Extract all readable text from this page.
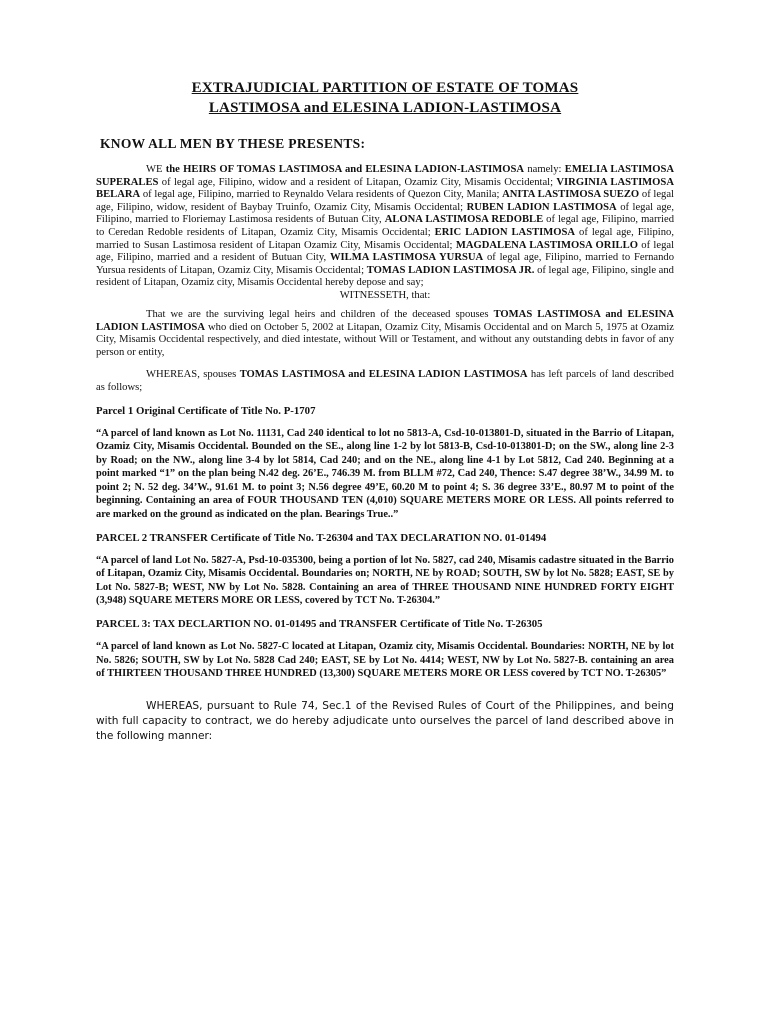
EXTRAJUDICIAL PARTITION OF ESTATE OF TOMAS
LASTIMOSA and ELESINA LADION-LASTIMOSA

KNOW ALL MEN BY THESE PRESENTS:

WE the HEIRS OF TOMAS LASTIMOSA and ELESINA LADION-LASTIMOSA namely: EMELIA LASTIMOSA SUPERALES of legal age, Filipino, widow and a resident of Litapan, Ozamiz City, Misamis Occidental; VIRGINIA LASTIMOSA BELARA of legal age, Filipino, married to Reynaldo Velara residents of Quezon City, Manila; ANITA LASTIMOSA SUEZO of legal age, Filipino, widow, resident of Baybay Truinfo, Ozamiz City, Misamis Occidental; RUBEN LADION LASTIMOSA of legal age, Filipino, married to Floriemay Lastimosa residents of Butuan City, ALONA LASTIMOSA REDOBLE of legal age, Filipino, married to Ceredan Redoble residents of Litapan, Ozamiz City, Misamis Occidental; ERIC LADION LASTIMOSA of legal age, Filipino, married to Susan Lastimosa resident of Litapan Ozamiz City, Misamis Occidental; MAGDALENA LASTIMOSA ORILLO of legal age, Filipino, married and a resident of Butuan City, WILMA LASTIMOSA YURSUA of legal age, Filipino, married to Fernando Yursua residents of Litapan, Ozamiz City, Misamis Occidental; TOMAS LADION LASTIMOSA JR. of legal age, Filipino, single and resident of Litapan, Ozamiz city, Misamis Occidental hereby depose and say;

WITNESSETH, that:

That we are the surviving legal heirs and children of the deceased spouses TOMAS LASTIMOSA and ELESINA LADION LASTIMOSA who died on October 5, 2002 at Litapan, Ozamiz City, Misamis Occidental and on March 5, 1975 at Ozamiz City, Misamis Occidental respectively, and died intestate, without Will or Testament, and without any outstanding debts in favor of any person or entity,

WHEREAS, spouses TOMAS LASTIMOSA and ELESINA LADION LASTIMOSA has left parcels of land described as follows;

Parcel 1 Original Certificate of Title No. P-1707

“A parcel of land known as Lot No. 11131, Cad 240 identical to lot no 5813-A, Csd-10-013801-D, situated in the Barrio of Litapan, Ozamiz City, Misamis Occidental. Bounded on the SE., along line 1-2 by lot 5813-B, Csd-10-013801-D; on the SW., along line 2-3 by Road; on the NW., along line 3-4 by lot 5814, Cad 240; and on the NE., along line 4-1 by Lot 5812, Cad 240. Beginning at a point marked “1” on the plan being N.42 deg. 26’E., 746.39 M. from BLLM #72, Cad 240, Thence: S.47 degree 38’W., 34.99 M. to point 2; N. 52 deg. 34’W., 91.61 M. to point 3; N.56 degree 49’E, 60.20 M to point 4; S. 36 degree 33’E., 80.97 M to point of the beginning. Containing an area of FOUR THOUSAND TEN (4,010) SQUARE METERS MORE OR LESS. All points referred to are marked on the ground as indicated on the plan. Bearings True..”

PARCEL 2 TRANSFER Certificate of Title No. T-26304 and TAX DECLARATION NO. 01-01494

“A parcel of land Lot No. 5827-A, Psd-10-035300, being a portion of lot No. 5827, cad 240, Misamis cadastre situated in the Barrio of Litapan, Ozamiz City, Misamis Occidental. Boundaries on; NORTH, NE by ROAD; SOUTH, SW by lot No. 5828; EAST, SE by Lot No. 5827-B; WEST, NW by Lot No. 5828. Containing an area of THREE THOUSAND NINE HUNDRED FORTY EIGHT (3,948) SQUARE METERS MORE OR LESS, covered by TCT No. T-26304.”

PARCEL 3: TAX DECLARTION NO. 01-01495 and TRANSFER Certificate of Title No. T-26305

“A parcel of land known as Lot No. 5827-C located at Litapan, Ozamiz city, Misamis Occidental. Boundaries: NORTH, NE by lot No. 5826; SOUTH, SW by Lot No. 5828 Cad 240; EAST, SE by Lot No. 4414; WEST, NW by Lot No. 5827-B. containing an area of THIRTEEN THOUSAND THREE HUNDRED (13,300) SQUARE METERS MORE OR LESS covered by TCT NO. T-26305”

WHEREAS, pursuant to Rule 74, Sec.1 of the Revised Rules of Court of the Philippines, and being with full capacity to contract, we do hereby adjudicate unto ourselves the parcel of land described above in the following manner:
